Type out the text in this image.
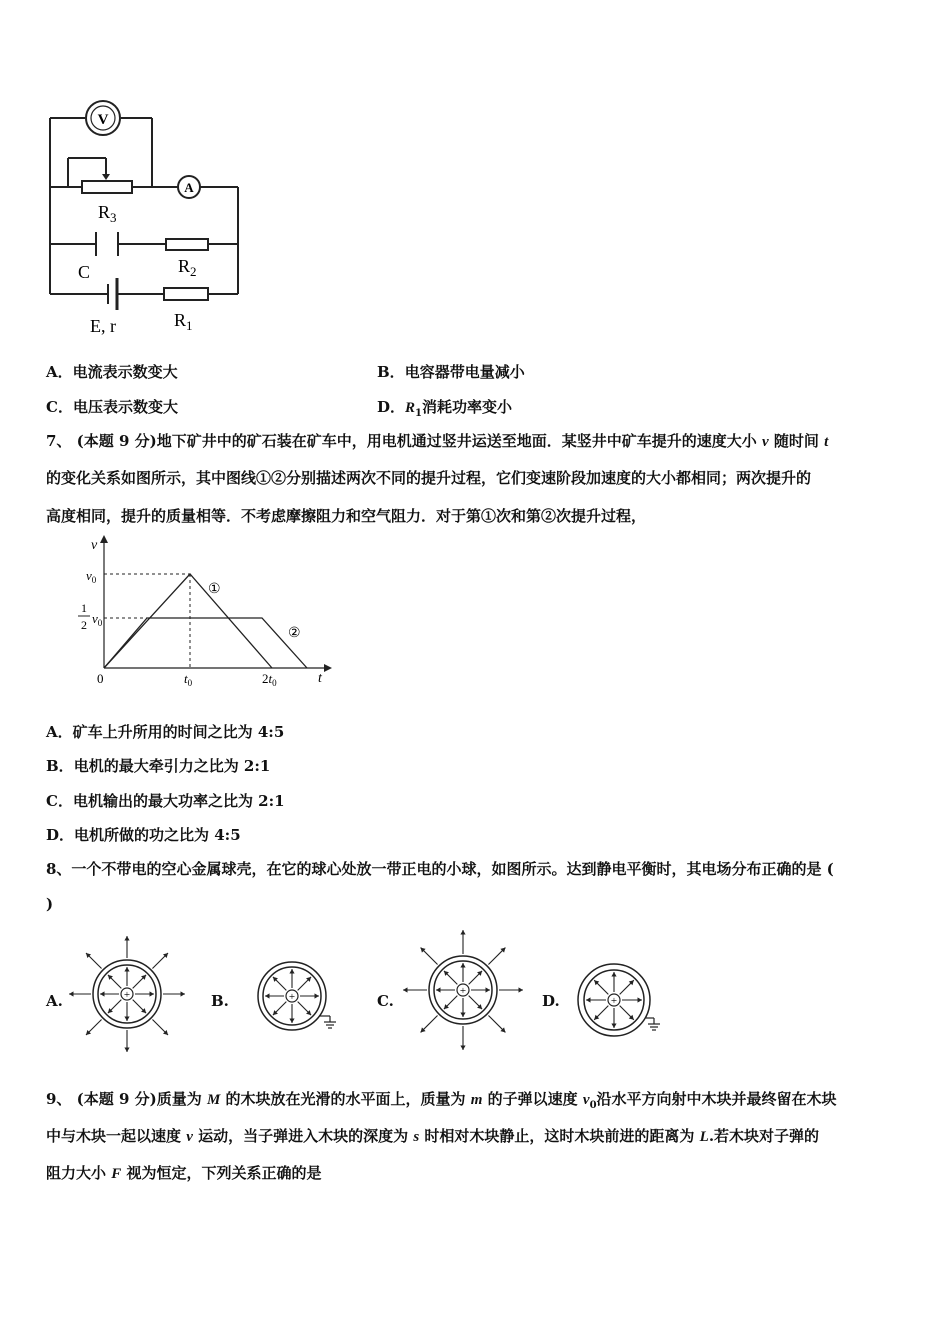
V
A
$R_3$
C	$R_2$
E, r	$R_1$
A．电流表示数变大	B．电容器带电量减小
C．电压表示数变大	D．$R_1$消耗功率变小
7、 (本题 9 分)地下矿井中的矿石装在矿车中，用电机通过竖井运送至地面．某竖井中矿车提升的速度大小 v 随时间 t
的变化关系如图所示，其中图线①②分别描述两次不同的提升过程，它们变速阶段加速度的大小都相同；两次提升的
高度相同，提升的质量相等．不考虑摩擦阻力和空气阻力．对于第①次和第②次提升过程，
v
t
0
$v_0$
1
2 $v_0$
$t_0$	$2t_0$
①
②
A．矿车上升所用的时间之比为 4:5
B．电机的最大牵引力之比为 2:1
C．电机输出的最大功率之比为 2:1
D．电机所做的功之比为 4:5
8、一个不带电的空心金属球壳，在它的球心处放一带正电的小球，如图所示。达到静电平衡时，其电场分布正确的是 (
)
A.	B.	C.	D.
+	+	+
+
9、 (本题 9 分)质量为 M 的木块放在光滑的水平面上，质量为 m 的子弹以速度 $v_0$沿水平方向射中木块并最终留在木块
中与木块一起以速度 v 运动，当子弹进入木块的深度为 s 时相对木块静止，这时木块前进的距离为 L.若木块对子弹的
阻力大小 F 视为恒定，下列关系正确的是
